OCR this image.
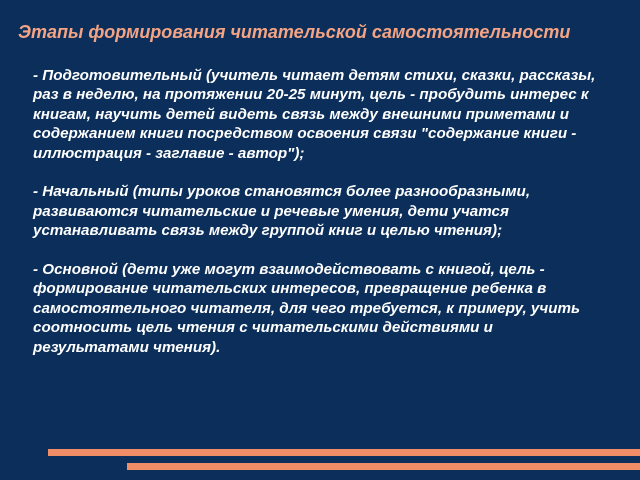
Этапы формирования читательской самостоятельности

- Подготовительный (учитель читает детям стихи, сказки, рассказы, раз в неделю, на протяжении 20-25 минут, цель - пробудить интерес к книгам, научить детей видеть связь между внешними приметами и содержанием книги посредством освоения связи "содержание книги - иллюстрация - заглавие - автор");

- Начальный (типы уроков становятся более разнообразными, развиваются читательские и речевые умения, дети учатся устанавливать связь между группой книг и целью чтения);

- Основной (дети уже могут взаимодействовать с книгой, цель - формирование читательских интересов, превращение ребенка в самостоятельного читателя, для чего требуется, к примеру, учить соотносить цель чтения с читательскими действиями и результатами чтения).
